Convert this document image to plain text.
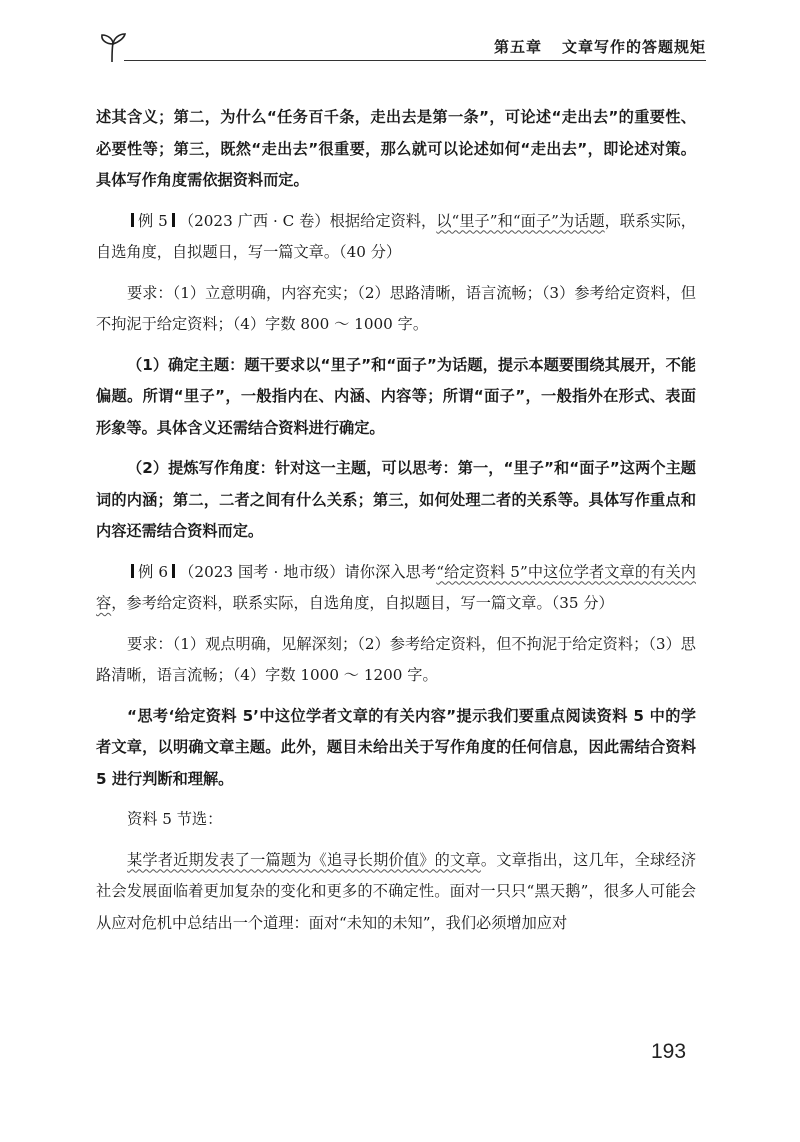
第五章 文章写作的答题规矩

述其含义；第二，为什么“任务百千条，走出去是第一条”，可论述“走出去”的重要性、必要性等；第三，既然“走出去”很重要，那么就可以论述如何“走出去”，即论述对策。具体写作角度需依据资料而定。

例 5 （2023 广西 · C 卷）根据给定资料，以“里子”和“面子”为话题，联系实际，自选角度，自拟题日，写一篇文章。（40 分）

要求：（1）立意明确，内容充实；（2）思路清晰，语言流畅；（3）参考给定资料，但不拘泥于给定资料；（4）字数 800 ～ 1000 字。

（1）确定主题：题干要求以“里子”和“面子”为话题，提示本题要围绕其展开，不能偏题。所谓“里子”，一般指内在、内涵、内容等；所谓“面子”，一般指外在形式、表面形象等。具体含义还需结合资料进行确定。

（2）提炼写作角度：针对这一主题，可以思考：第一，“里子”和“面子”这两个主题词的内涵；第二，二者之间有什么关系；第三，如何处理二者的关系等。具体写作重点和内容还需结合资料而定。

例 6 （2023 国考 · 地市级）请你深入思考“给定资料 5”中这位学者文章的有关内容，参考给定资料，联系实际，自选角度，自拟题目，写一篇文章。（35 分）

要求：（1）观点明确，见解深刻；（2）参考给定资料，但不拘泥于给定资料；（3）思路清晰，语言流畅；（4）字数 1000 ～ 1200 字。

“思考‘给定资料 5’中这位学者文章的有关内容”提示我们要重点阅读资料 5 中的学者文章，以明确文章主题。此外，题目未给出关于写作角度的任何信息，因此需结合资料 5 进行判断和理解。

资料 5 节选：

某学者近期发表了一篇题为《追寻长期价值》的文章。文章指出，这几年，全球经济社会发展面临着更加复杂的变化和更多的不确定性。面对一只只“黑天鹅”，很多人可能会从应对危机中总结出一个道理：面对“未知的未知”，我们必须增加应对

193
